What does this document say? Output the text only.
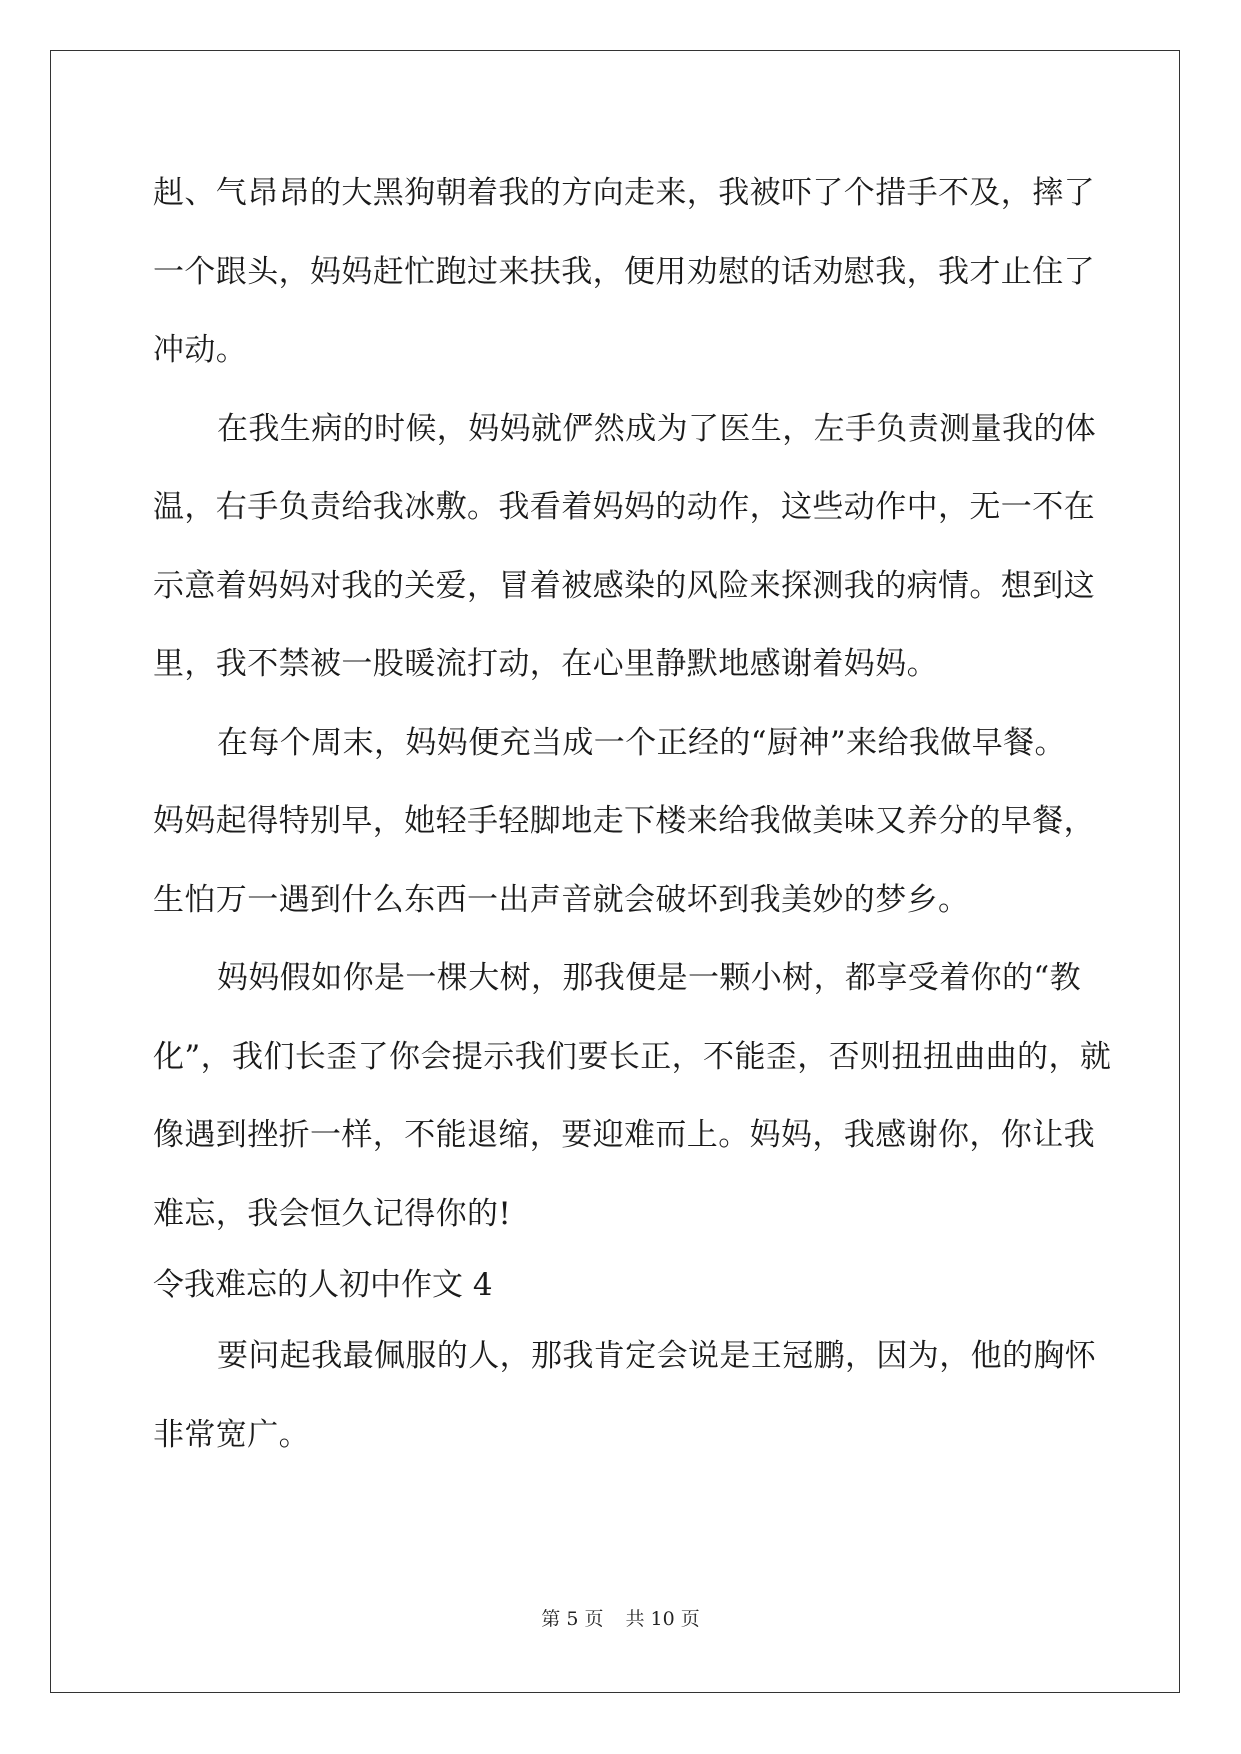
赳、气昂昂的大黑狗朝着我的方向走来，我被吓了个措手不及，摔了
一个跟头，妈妈赶忙跑过来扶我，便用劝慰的话劝慰我，我才止住了
冲动。
在我生病的时候，妈妈就俨然成为了医生，左手负责测量我的体
温，右手负责给我冰敷。我看着妈妈的动作，这些动作中，无一不在
示意着妈妈对我的关爱，冒着被感染的风险来探测我的病情。想到这
里，我不禁被一股暖流打动，在心里静默地感谢着妈妈。
在每个周末，妈妈便充当成一个正经的“厨神”来给我做早餐。
妈妈起得特别早，她轻手轻脚地走下楼来给我做美味又养分的早餐，
生怕万一遇到什么东西一出声音就会破坏到我美妙的梦乡。
妈妈假如你是一棵大树，那我便是一颗小树，都享受着你的“教
化”，我们长歪了你会提示我们要长正，不能歪，否则扭扭曲曲的，就
像遇到挫折一样，不能退缩，要迎难而上。妈妈，我感谢你，你让我
难忘，我会恒久记得你的!
令我难忘的人初中作文 4
要问起我最佩服的人，那我肯定会说是王冠鹏，因为，他的胸怀
非常宽广。
第 5 页 共 10 页
